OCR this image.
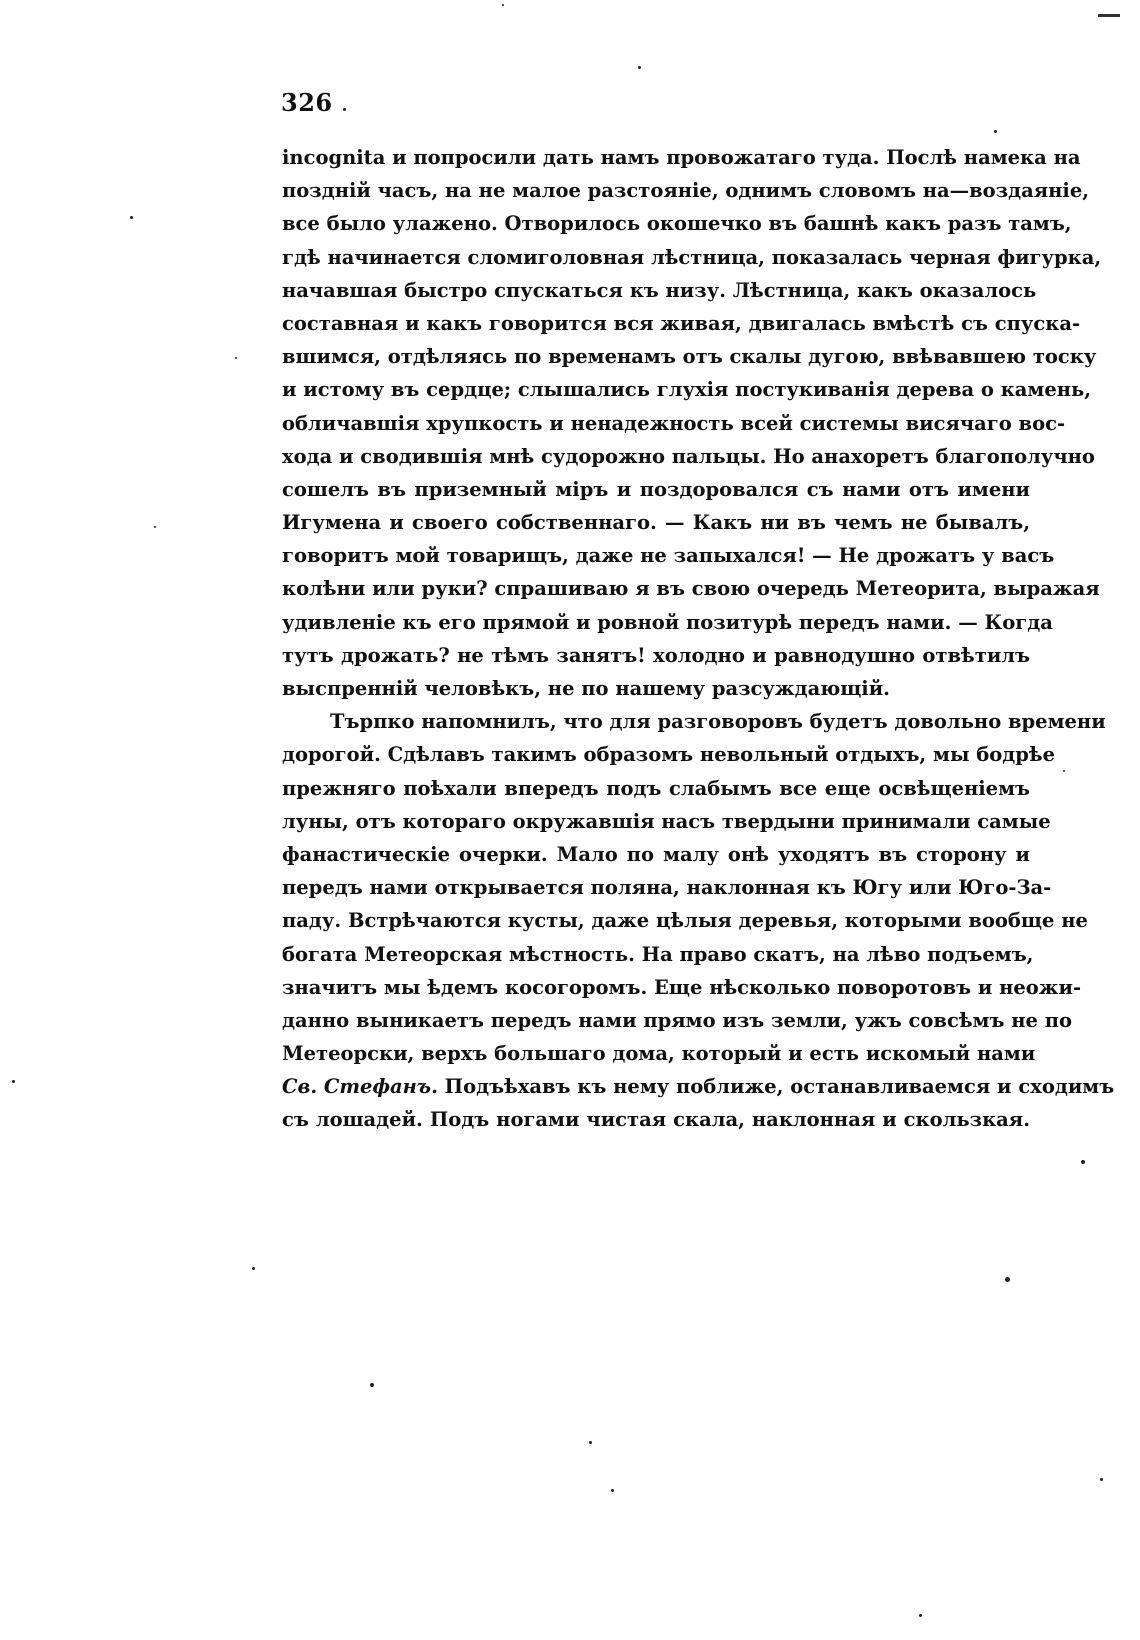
326
incognita и попросили дать намъ провожатаго туда. Послѣ намека на
поздній часъ, на не малое разстояніе, однимъ словомъ на—воздаяніе,
все было улажено. Отворилось окошечко въ башнѣ какъ разъ тамъ,
гдѣ начинается сломиголовная лѣстница, показалась черная фигурка,
начавшая быстро спускаться къ низу. Лѣстница, какъ оказалось
составная и какъ говорится вся живая, двигалась вмѣстѣ съ спуска-
вшимся, отдѣляясь по временамъ отъ скалы дугою, ввѣвавшею тоску
и истому въ сердце; слышались глухія постукиванія дерева о камень,
обличавшія хрупкость и ненадежность всей системы висячаго вос-
хода и сводившія мнѣ судорожно пальцы. Но анахоретъ благополучно
сошелъ въ приземный міръ и поздоровался съ нами отъ имени
Игумена и своего собственнаго. — Какъ ни въ чемъ не бывалъ,
говоритъ мой товарищъ, даже не запыхался! — Не дрожатъ у васъ
колѣни или руки? спрашиваю я въ свою очередь Метеорита, выражая
удивленіе къ его прямой и ровной позитурѣ передъ нами. — Когда
тутъ дрожать? не тѣмъ занятъ! холодно и равнодушно отвѣтилъ
выспренній человѣкъ, не по нашему разсуждающій.
Търпко напомнилъ, что для разговоровъ будетъ довольно времени
дорогой. Сдѣлавъ такимъ образомъ невольный отдыхъ, мы бодрѣе
прежняго поѣхали впередъ подъ слабымъ все еще освѣщеніемъ
луны, отъ котораго окружавшія насъ твердыни принимали самые
фанастическіе очерки. Мало по малу онѣ уходятъ въ сторону и
передъ нами открывается поляна, наклонная къ Югу или Юго-За-
паду. Встрѣчаются кусты, даже цѣлыя деревья, которыми вообще не
богата Метеорская мѣстность. На право скатъ, на лѣво подъемъ,
значитъ мы ѣдемъ косогоромъ. Еще нѣсколько поворотовъ и неожи-
данно выникаетъ передъ нами прямо изъ земли, ужъ совсѣмъ не по
Метеорски, верхъ большаго дома, который и есть искомый нами
Св. Стефанъ. Подъѣхавъ къ нему поближе, останавливаемся и сходимъ
съ лошадей. Подъ ногами чистая скала, наклонная и скользкая.
